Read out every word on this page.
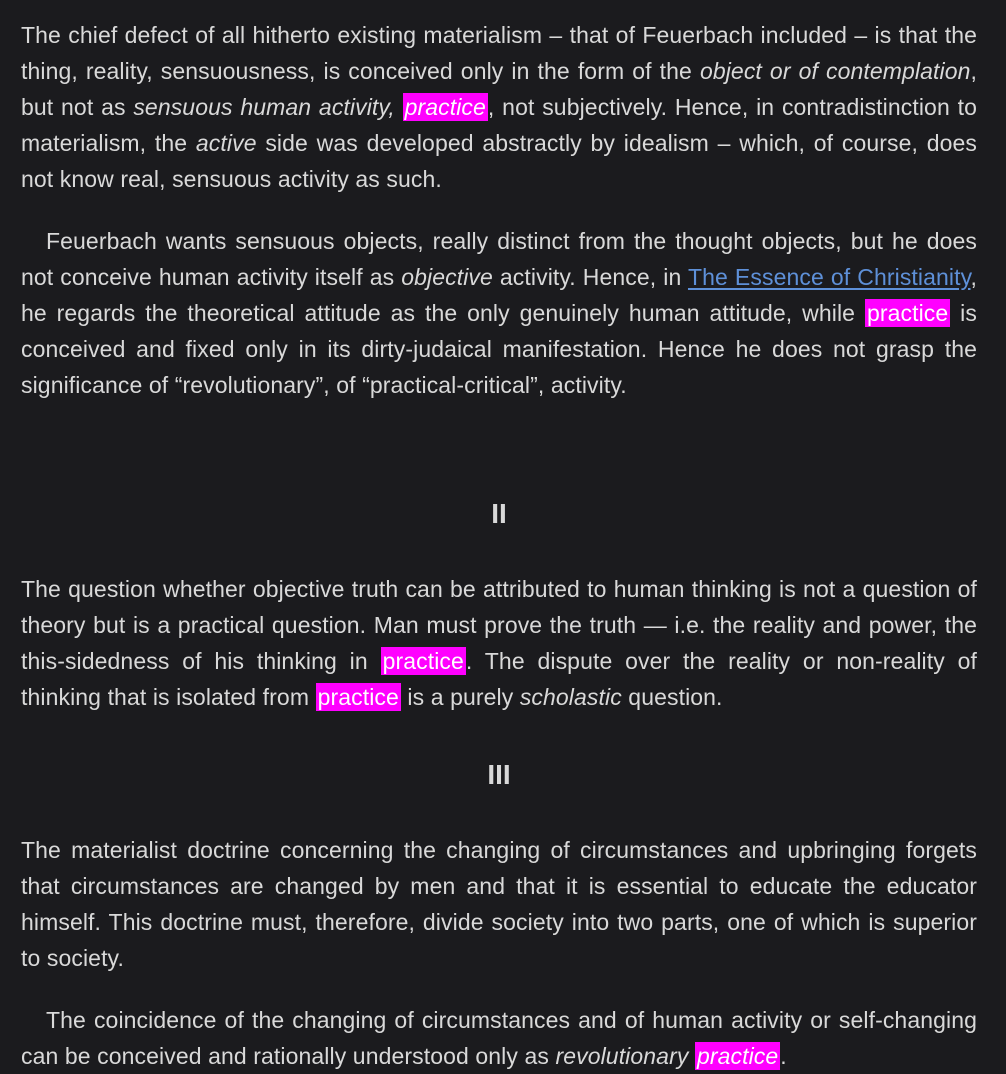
The chief defect of all hitherto existing materialism – that of Feuerbach included – is that the thing, reality, sensuousness, is conceived only in the form of the object or of contemplation, but not as sensuous human activity, practice, not subjectively. Hence, in contradistinction to materialism, the active side was developed abstractly by idealism – which, of course, does not know real, sensuous activity as such.

Feuerbach wants sensuous objects, really distinct from the thought objects, but he does not conceive human activity itself as objective activity. Hence, in The Essence of Christianity, he regards the theoretical attitude as the only genuinely human attitude, while practice is conceived and fixed only in its dirty-judaical manifestation. Hence he does not grasp the significance of “revolutionary”, of “practical-critical”, activity.

II

The question whether objective truth can be attributed to human thinking is not a question of theory but is a practical question. Man must prove the truth — i.e. the reality and power, the this-sidedness of his thinking in practice. The dispute over the reality or non-reality of thinking that is isolated from practice is a purely scholastic question.

III

The materialist doctrine concerning the changing of circumstances and upbringing forgets that circumstances are changed by men and that it is essential to educate the educator himself. This doctrine must, therefore, divide society into two parts, one of which is superior to society.

The coincidence of the changing of circumstances and of human activity or self-changing can be conceived and rationally understood only as revolutionary practice.
